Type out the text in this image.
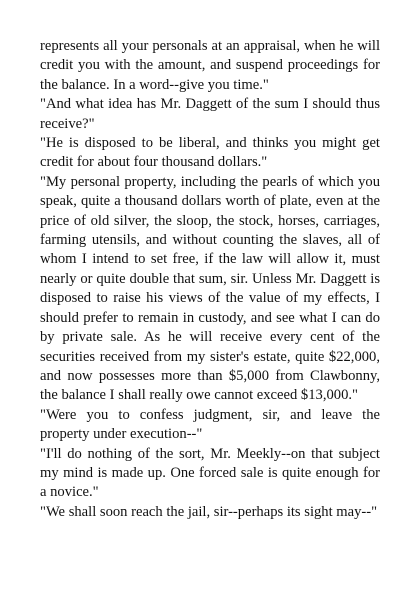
represents all your personals at an appraisal, when he will credit you with the amount, and suspend proceedings for the balance. In a word--give you time."

"And what idea has Mr. Daggett of the sum I should thus receive?"

"He is disposed to be liberal, and thinks you might get credit for about four thousand dollars."

"My personal property, including the pearls of which you speak, quite a thousand dollars worth of plate, even at the price of old silver, the sloop, the stock, horses, carriages, farming utensils, and without counting the slaves, all of whom I intend to set free, if the law will allow it, must nearly or quite double that sum, sir. Unless Mr. Daggett is disposed to raise his views of the value of my effects, I should prefer to remain in custody, and see what I can do by private sale. As he will receive every cent of the securities received from my sister's estate, quite $22,000, and now possesses more than $5,000 from Clawbonny, the balance I shall really owe cannot exceed $13,000."

"Were you to confess judgment, sir, and leave the property under execution--"

"I'll do nothing of the sort, Mr. Meekly--on that subject my mind is made up. One forced sale is quite enough for a novice."

"We shall soon reach the jail, sir--perhaps its sight may--"
